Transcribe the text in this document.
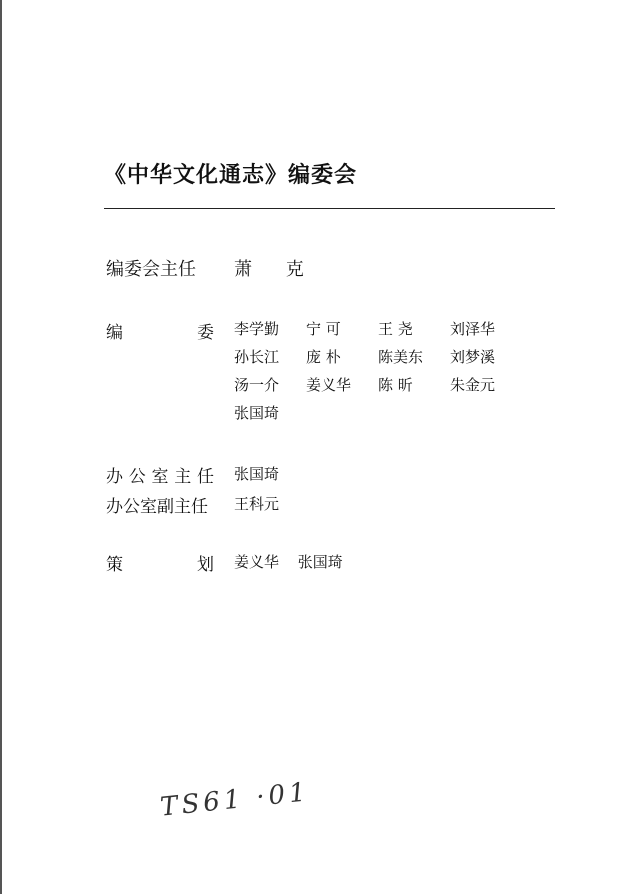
《中华文化通志》编委会
编委会主任	萧 克
编	委 李学勤	宁 可	王 尧	刘泽华
孙长江	庞 朴	陈美东	刘梦溪
汤一介	姜义华	陈 昕	朱金元
张国琦
办 公 室 主 任 张国琦
办公室副主任	王科元
策	划 姜义华 张国琦
TS61 ·01
